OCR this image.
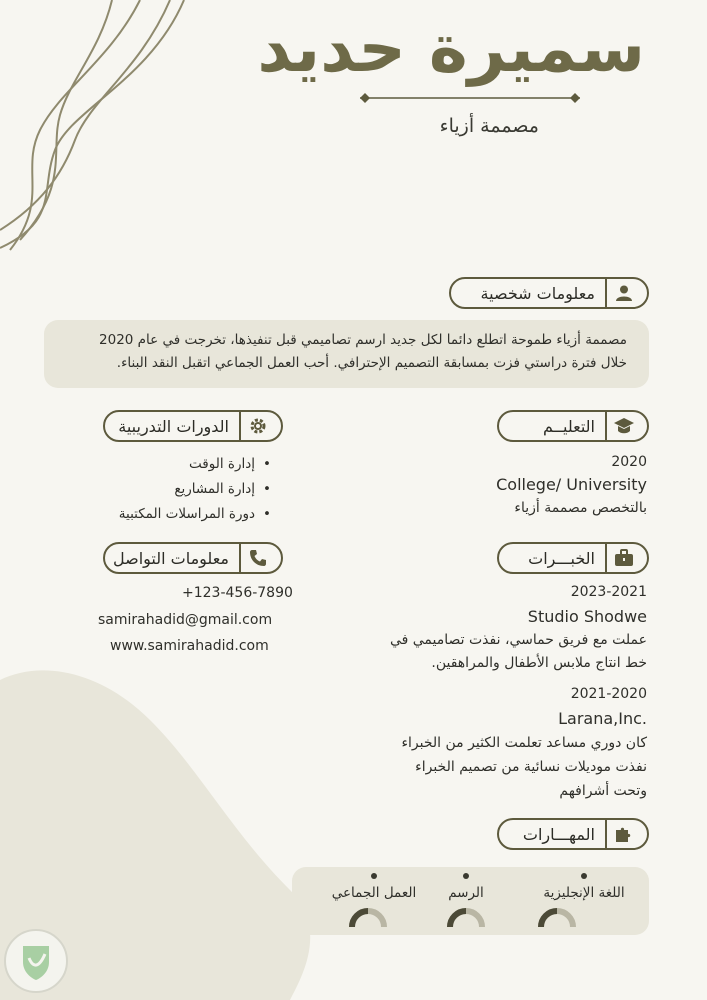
سميرة حديد
مصممة أزياء
معلومات شخصية
مصممة أزياء طموحة اتطلع دائما لكل جديد ارسم تصاميمي قبل تنفيذها، تخرجت في عام 2020
خلال فترة دراستي فزت بمسابقة التصميم الإحترافي. أحب العمل الجماعي اتقبل النقد البناء.
التعليــم
2020
College/ University
بالتخصص مصممة أزياء
الدورات التدريبية
• إدارة الوقت
• إدارة المشاريع
• دورة المراسلات المكتبية
الخبـــرات
2023-2021
Studio Shodwe
عملت مع فريق حماسي، نفذت تصاميمي في
خط انتاج ملابس الأطفال والمراهقين.
2021-2020
Larana,Inc.
كان دوري مساعد تعلمت الكثير من الخبراء
نفذت موديلات نسائية من تصميم الخبراء
وتحت أشرافهم
معلومات التواصل
+123-456-7890
samirahadid@gmail.com
www.samirahadid.com
المهـــارات
اللغة الإنجليزية
الرسم
العمل الجماعي
